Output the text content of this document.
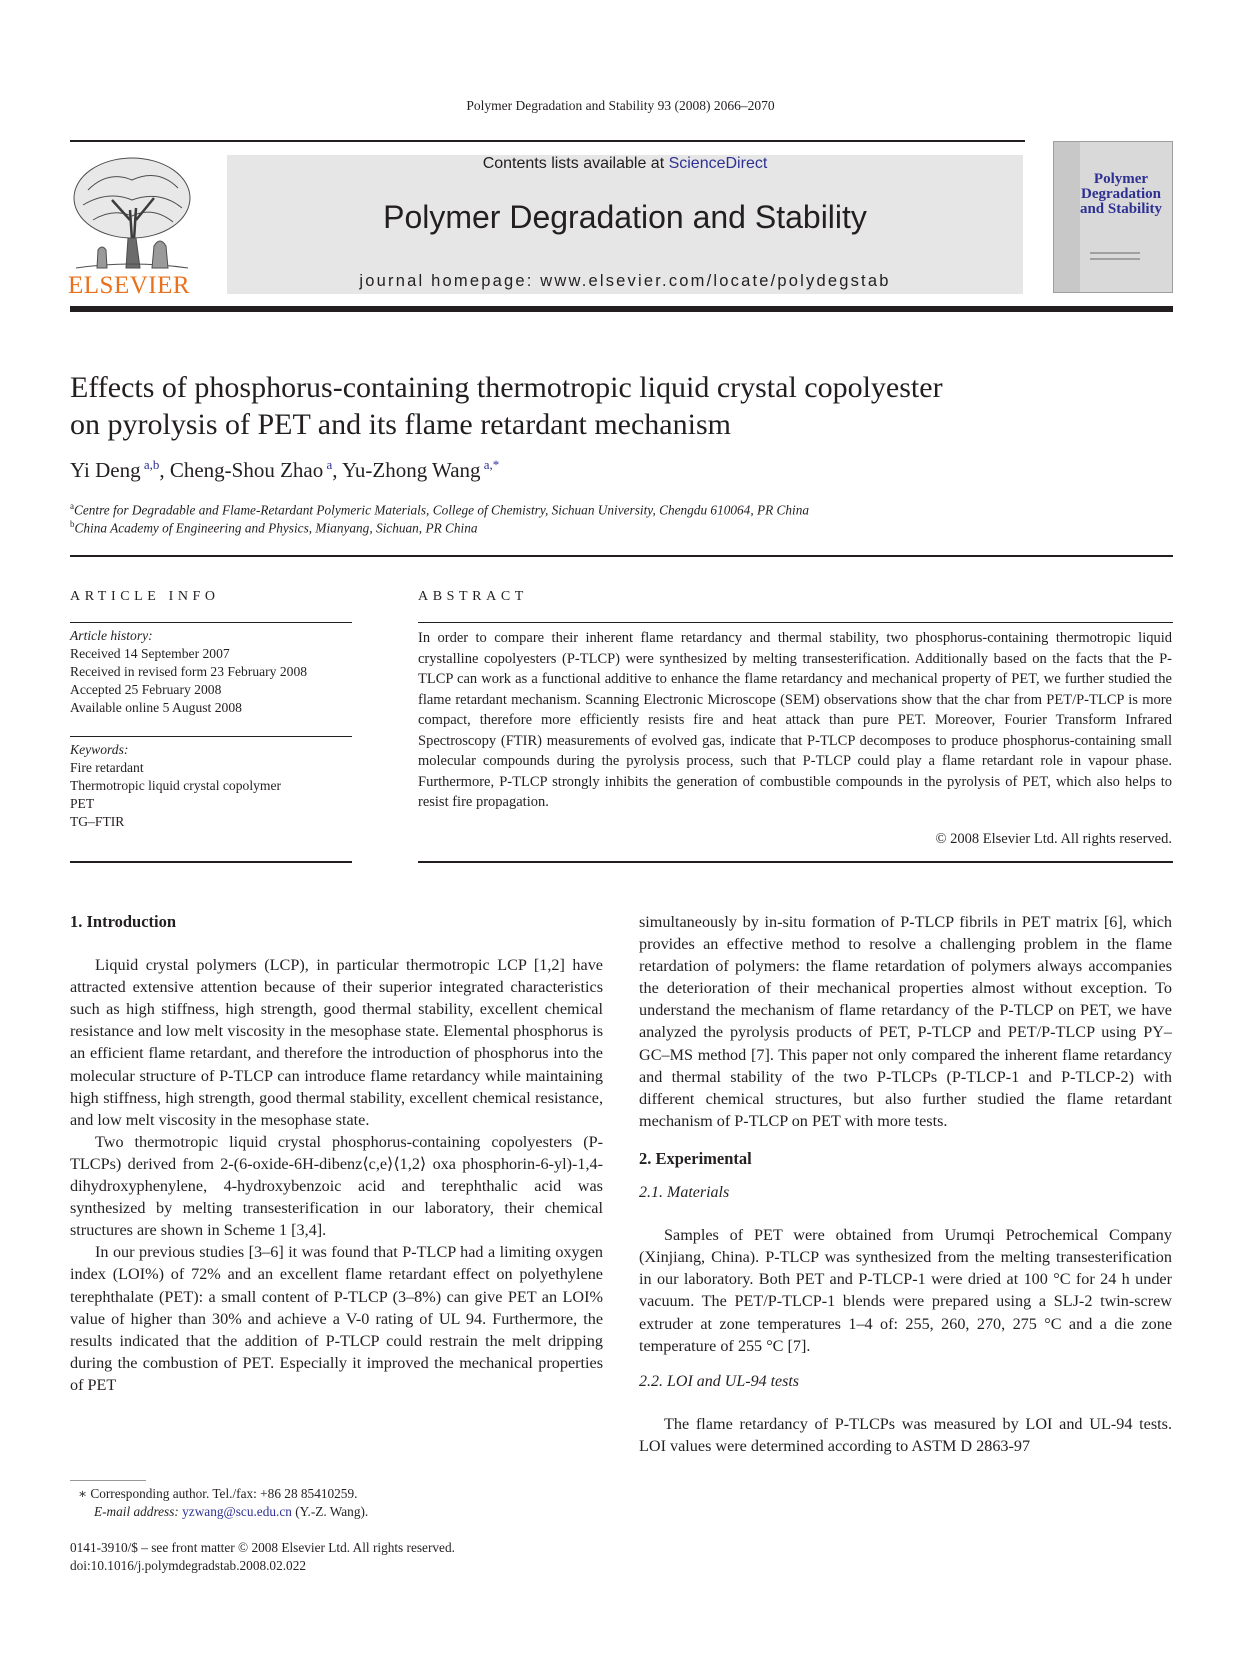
Polymer Degradation and Stability 93 (2008) 2066–2070
ELSEVIER
Contents lists available at ScienceDirect
Polymer Degradation and Stability
journal homepage: www.elsevier.com/locate/polydegstab
Polymer Degradation and Stability
Effects of phosphorus-containing thermotropic liquid crystal copolyester
on pyrolysis of PET and its flame retardant mechanism
Yi Deng $^{a,b}$, Cheng-Shou Zhao $^a$, Yu-Zhong Wang $^{a,*}$
$^a$Centre for Degradable and Flame-Retardant Polymeric Materials, College of Chemistry, Sichuan University, Chengdu 610064, PR China
$^b$China Academy of Engineering and Physics, Mianyang, Sichuan, PR China
ARTICLE INFO
Article history:
Received 14 September 2007
Received in revised form 23 February 2008
Accepted 25 February 2008
Available online 5 August 2008
Keywords:
Fire retardant
Thermotropic liquid crystal copolymer
PET
TG–FTIR
ABSTRACT
In order to compare their inherent flame retardancy and thermal stability, two phosphorus-containing thermotropic liquid crystalline copolyesters (P-TLCP) were synthesized by melting transesterification. Additionally based on the facts that the P-TLCP can work as a functional additive to enhance the flame retardancy and mechanical property of PET, we further studied the flame retardant mechanism. Scanning Electronic Microscope (SEM) observations show that the char from PET/P-TLCP is more compact, therefore more efficiently resists fire and heat attack than pure PET. Moreover, Fourier Transform Infrared Spectroscopy (FTIR) measurements of evolved gas, indicate that P-TLCP decomposes to produce phosphorus-containing small molecular compounds during the pyrolysis process, such that P-TLCP could play a flame retardant role in vapour phase. Furthermore, P-TLCP strongly inhibits the generation of combustible compounds in the pyrolysis of PET, which also helps to resist fire propagation.
© 2008 Elsevier Ltd. All rights reserved.

1. Introduction

Liquid crystal polymers (LCP), in particular thermotropic LCP [1,2] have attracted extensive attention because of their superior integrated characteristics such as high stiffness, high strength, good thermal stability, excellent chemical resistance and low melt viscosity in the mesophase state. Elemental phosphorus is an efficient flame retardant, and therefore the introduction of phosphorus into the molecular structure of P-TLCP can introduce flame retardancy while maintaining high stiffness, high strength, good thermal stability, excellent chemical resistance, and low melt viscosity in the mesophase state.

Two thermotropic liquid crystal phosphorus-containing copolyesters (P-TLCPs) derived from 2-(6-oxide-6H-dibenz⟨c,e⟩⟨1,2⟩ oxa phosphorin-6-yl)-1,4-dihydroxyphenylene, 4-hydroxybenzoic acid and terephthalic acid was synthesized by melting transesterification in our laboratory, their chemical structures are shown in Scheme 1 [3,4].

In our previous studies [3–6] it was found that P-TLCP had a limiting oxygen index (LOI%) of 72% and an excellent flame retardant effect on polyethylene terephthalate (PET): a small content of P-TLCP (3–8%) can give PET an LOI% value of higher than 30% and achieve a V-0 rating of UL 94. Furthermore, the results indicated that the addition of P-TLCP could restrain the melt dripping during the combustion of PET. Especially it improved the mechanical properties of PET

simultaneously by in-situ formation of P-TLCP fibrils in PET matrix [6], which provides an effective method to resolve a challenging problem in the flame retardation of polymers: the flame retardation of polymers always accompanies the deterioration of their mechanical properties almost without exception. To understand the mechanism of flame retardancy of the P-TLCP on PET, we have analyzed the pyrolysis products of PET, P-TLCP and PET/P-TLCP using PY–GC–MS method [7]. This paper not only compared the inherent flame retardancy and thermal stability of the two P-TLCPs (P-TLCP-1 and P-TLCP-2) with different chemical structures, but also further studied the flame retardant mechanism of P-TLCP on PET with more tests.

2. Experimental

2.1. Materials

Samples of PET were obtained from Urumqi Petrochemical Company (Xinjiang, China). P-TLCP was synthesized from the melting transesterification in our laboratory. Both PET and P-TLCP-1 were dried at 100 °C for 24 h under vacuum. The PET/P-TLCP-1 blends were prepared using a SLJ-2 twin-screw extruder at zone temperatures 1–4 of: 255, 260, 270, 275 °C and a die zone temperature of 255 °C [7].

2.2. LOI and UL-94 tests

The flame retardancy of P-TLCPs was measured by LOI and UL-94 tests. LOI values were determined according to ASTM D 2863-97

∗ Corresponding author. Tel./fax: +86 28 85410259.
E-mail address: yzwang@scu.edu.cn (Y.-Z. Wang).
0141-3910/$ – see front matter © 2008 Elsevier Ltd. All rights reserved.
doi:10.1016/j.polymdegradstab.2008.02.022
